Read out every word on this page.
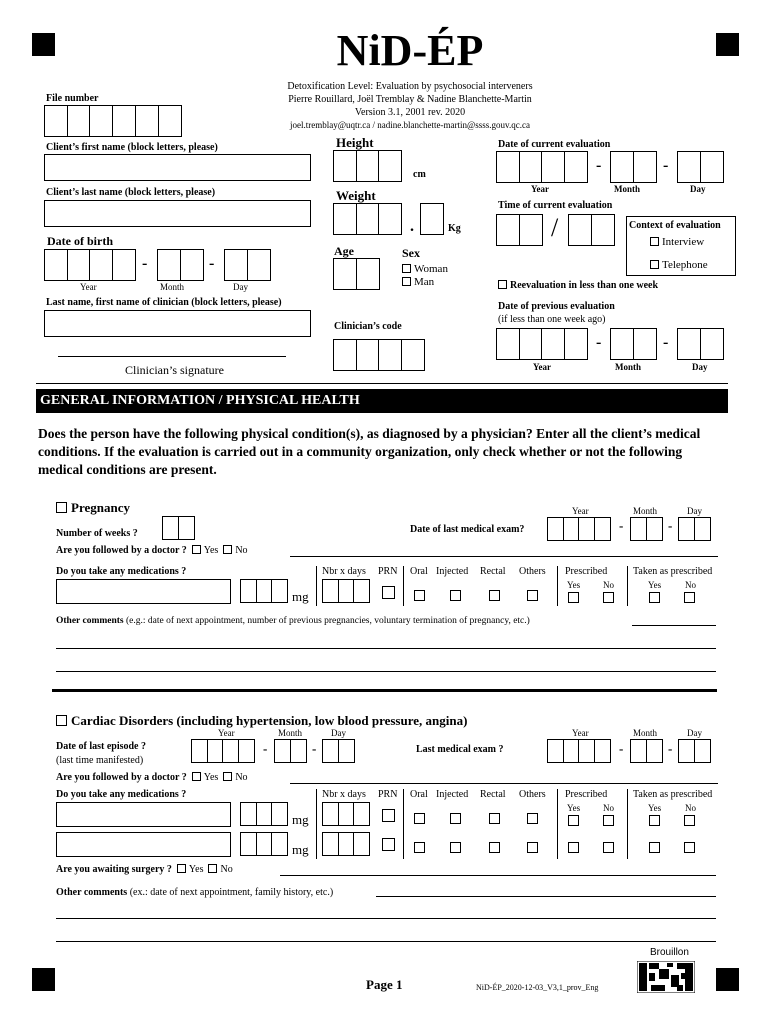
NiD-ÉP
Detoxification Level: Evaluation by psychosocial interveners
Pierre Rouillard, Joël Tremblay & Nadine Blanchette-Martin
Version 3.1, 2001 rev. 2020
joel.tremblay@uqtr.ca / nadine.blanchette-martin@ssss.gouv.qc.ca
File number
Client’s first name (block letters, please)
Client’s last name (block letters, please)
Date of birth
-	-
Year	Month	Day
Last name, first name of clinician (block letters, please)
Clinician’s signature
Height
cm
Weight
.	Kg
Age	Sex
Woman
Man
Clinician’s code
Date of current evaluation
-	-
Year	Month	Day
Time of current evaluation
/	Context of evaluation
Interview
Telephone
Reevaluation in less than one week
Date of previous evaluation
(if less than one week ago)
-	-
Year	Month	Day
GENERAL INFORMATION / PHYSICAL HEALTH
Does the person have the following physical condition(s), as diagnosed by a physician? Enter all the client’s medical conditions. If the evaluation is carried out in a community organization, only check whether or not the following medical conditions are present.
Pregnancy
Number of weeks ?	Date of last medical exam?
Year	Month	Day
-	-
Are you followed by a doctor ? Yes No
Do you take any medications ?
mg
Nbr x days PRN Oral Injected Rectal Others Prescribed
Yes	No
Taken as prescribed
Yes	No
Other comments (e.g.: date of next appointment, number of previous pregnancies, voluntary termination of pregnancy, etc.)
Cardiac Disorders (including hypertension, low blood pressure, angina)
Year	Month	Day
Date of last episode ?
(last time manifested)
-	-
Year	Month	Day
Last medical exam ?	-	-
Are you followed by a doctor ? Yes No
Do you take any medications ?
mg
mg
Nbr x days PRN Oral Injected Rectal Others Prescribed
Yes	No
Taken as prescribed
Yes	No
Are you awaiting surgery ? Yes No
Other comments (ex.: date of next appointment, family history, etc.)
Brouillon
Page 1	NiD-ÉP_2020-12-03_V3,1_prov_Eng
